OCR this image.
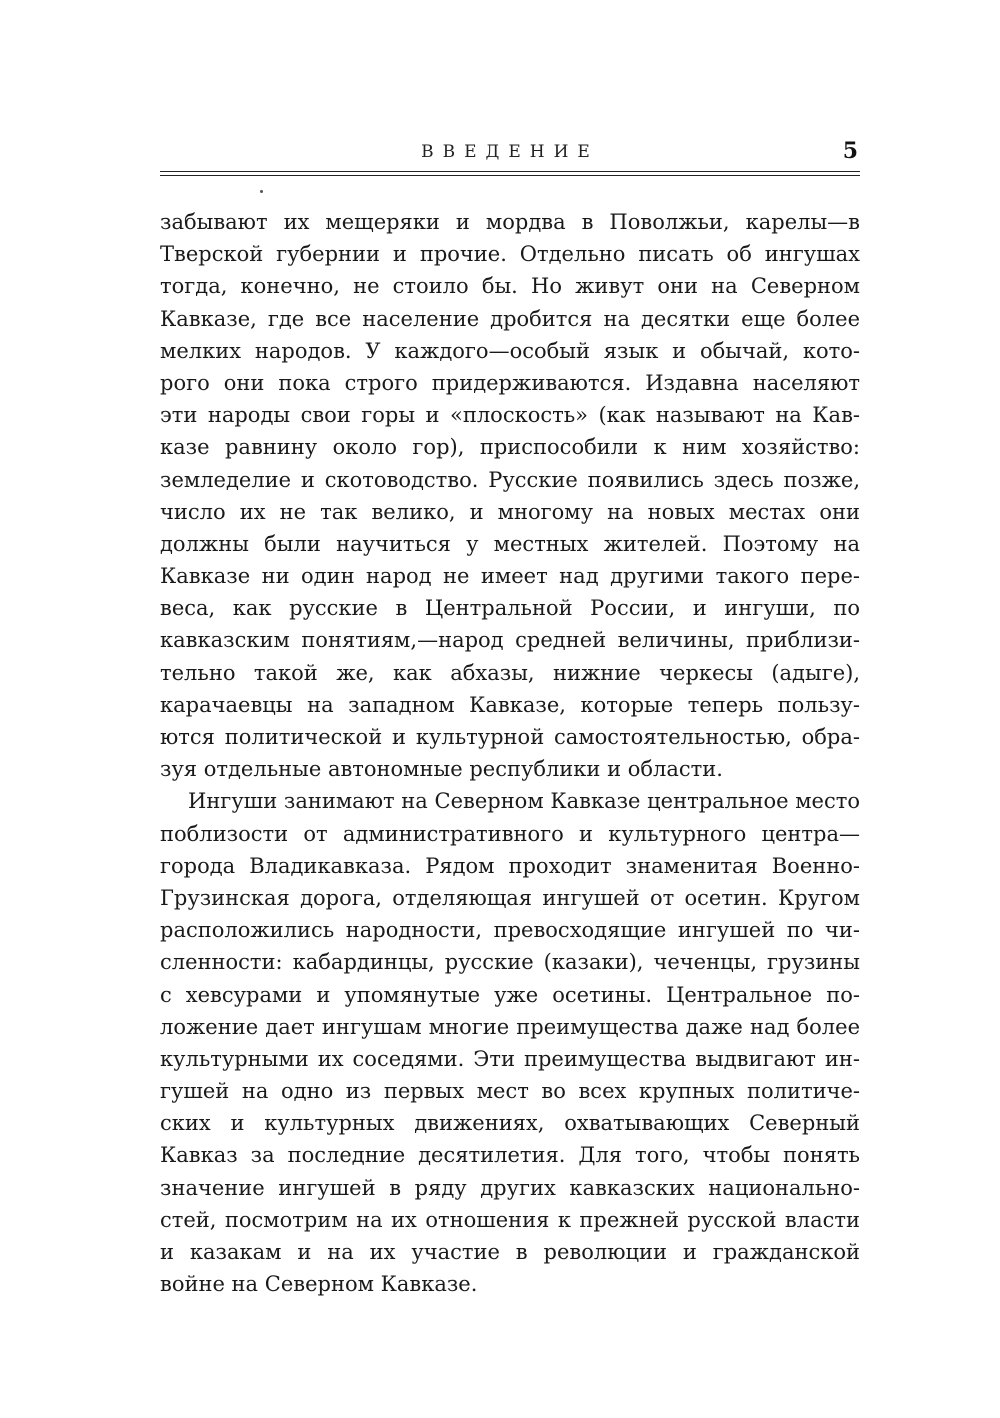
ВВЕДЕНИЕ	5
забывают их мещеряки и мордва в Поволжьи, карелы—в
Тверской губернии и прочие. Отдельно писать об ингушах
тогда, конечно, не стоило бы. Но живут они на Северном
Кавказе, где все население дробится на десятки еще более
мелких народов. У каждого—особый язык и обычай, кото-
рого они пока строго придерживаются. Издавна населяют
эти народы свои горы и «плоскость» (как называют на Кав-
казе равнину около гор), приспособили к ним хозяйство:
земледелие и скотоводство. Русские появились здесь позже,
число их не так велико, и многому на новых местах они
должны были научиться у местных жителей. Поэтому на
Кавказе ни один народ не имеет над другими такого пере-
веса, как русские в Центральной России, и ингуши, по
кавказским понятиям,—народ средней величины, приблизи-
тельно такой же, как абхазы, нижние черкесы (адыге),
карачаевцы на западном Кавказе, которые теперь пользу-
ются политической и культурной самостоятельностью, обра-
зуя отдельные автономные республики и области.
Ингуши занимают на Северном Кавказе центральное место
поблизости от административного и культурного центра—
города Владикавказа. Рядом проходит знаменитая Военно-
Грузинская дорога, отделяющая ингушей от осетин. Кругом
расположились народности, превосходящие ингушей по чи-
сленности: кабардинцы, русские (казаки), чеченцы, грузины
с хевсурами и упомянутые уже осетины. Центральное по-
ложение дает ингушам многие преимущества даже над более
культурными их соседями. Эти преимущества выдвигают ин-
гушей на одно из первых мест во всех крупных политиче-
ских и культурных движениях, охватывающих Северный
Кавказ за последние десятилетия. Для того, чтобы понять
значение ингушей в ряду других кавказских национально-
стей, посмотрим на их отношения к прежней русской власти
и казакам и на их участие в революции и гражданской
войне на Северном Кавказе.
